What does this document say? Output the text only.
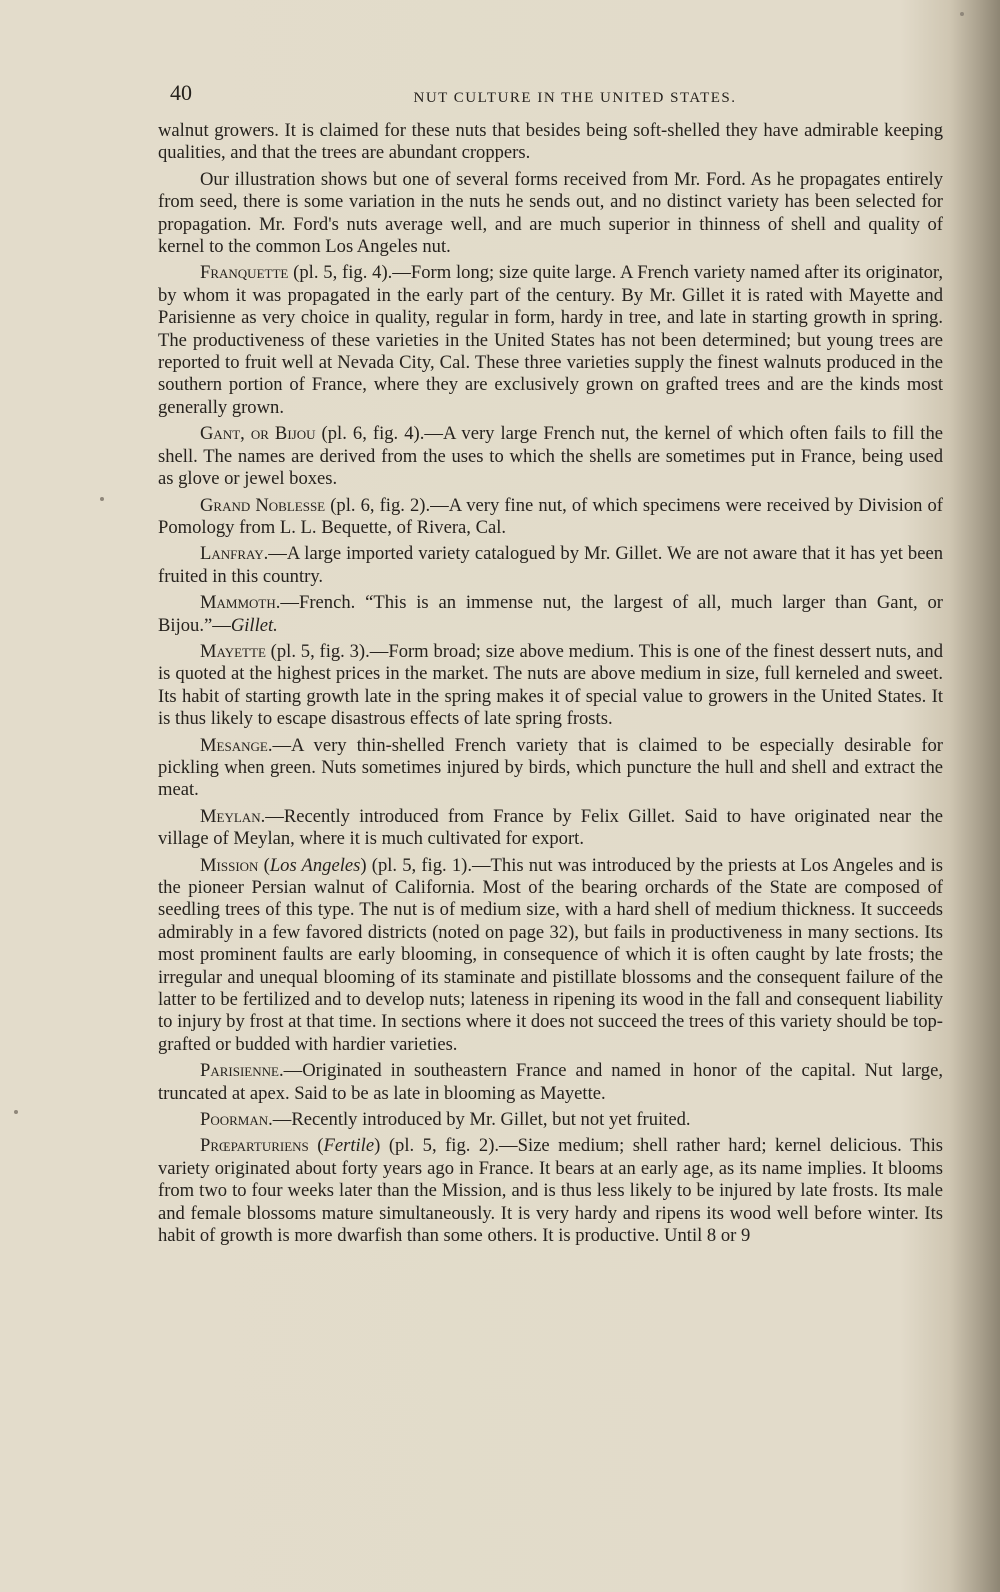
40	NUT CULTURE IN THE UNITED STATES.

walnut growers. It is claimed for these nuts that besides being soft-shelled they have admirable keeping qualities, and that the trees are abundant croppers.

Our illustration shows but one of several forms received from Mr. Ford. As he propagates entirely from seed, there is some variation in the nuts he sends out, and no distinct variety has been selected for propagation. Mr. Ford's nuts average well, and are much superior in thinness of shell and quality of kernel to the common Los Angeles nut.

Franquette (pl. 5, fig. 4).—Form long; size quite large. A French variety named after its originator, by whom it was propagated in the early part of the century. By Mr. Gillet it is rated with Mayette and Parisienne as very choice in quality, regular in form, hardy in tree, and late in starting growth in spring. The productiveness of these varieties in the United States has not been determined; but young trees are reported to fruit well at Nevada City, Cal. These three varieties supply the finest walnuts produced in the southern portion of France, where they are exclusively grown on grafted trees and are the kinds most generally grown.

Gant, or Bijou (pl. 6, fig. 4).—A very large French nut, the kernel of which often fails to fill the shell. The names are derived from the uses to which the shells are sometimes put in France, being used as glove or jewel boxes.

Grand Noblesse (pl. 6, fig. 2).—A very fine nut, of which specimens were received by Division of Pomology from L. L. Bequette, of Rivera, Cal.

Lanfray.—A large imported variety catalogued by Mr. Gillet. We are not aware that it has yet been fruited in this country.

Mammoth.—French. “This is an immense nut, the largest of all, much larger than Gant, or Bijou.”—Gillet.

Mayette (pl. 5, fig. 3).—Form broad; size above medium. This is one of the finest dessert nuts, and is quoted at the highest prices in the market. The nuts are above medium in size, full kerneled and sweet. Its habit of starting growth late in the spring makes it of special value to growers in the United States. It is thus likely to escape disastrous effects of late spring frosts.

Mesange.—A very thin-shelled French variety that is claimed to be especially desirable for pickling when green. Nuts sometimes injured by birds, which puncture the hull and shell and extract the meat.

Meylan.—Recently introduced from France by Felix Gillet. Said to have originated near the village of Meylan, where it is much cultivated for export.

Mission (Los Angeles) (pl. 5, fig. 1).—This nut was introduced by the priests at Los Angeles and is the pioneer Persian walnut of California. Most of the bearing orchards of the State are composed of seedling trees of this type. The nut is of medium size, with a hard shell of medium thickness. It succeeds admirably in a few favored districts (noted on page 32), but fails in productiveness in many sections. Its most prominent faults are early blooming, in consequence of which it is often caught by late frosts; the irregular and unequal blooming of its staminate and pistillate blossoms and the consequent failure of the latter to be fertilized and to develop nuts; lateness in ripening its wood in the fall and consequent liability to injury by frost at that time. In sections where it does not succeed the trees of this variety should be top-grafted or budded with hardier varieties.

Parisienne.—Originated in southeastern France and named in honor of the capital. Nut large, truncated at apex. Said to be as late in blooming as Mayette.

Poorman.—Recently introduced by Mr. Gillet, but not yet fruited.

Prœparturiens (Fertile) (pl. 5, fig. 2).—Size medium; shell rather hard; kernel delicious. This variety originated about forty years ago in France. It bears at an early age, as its name implies. It blooms from two to four weeks later than the Mission, and is thus less likely to be injured by late frosts. Its male and female blossoms mature simultaneously. It is very hardy and ripens its wood well before winter. Its habit of growth is more dwarfish than some others. It is productive. Until 8 or 9
